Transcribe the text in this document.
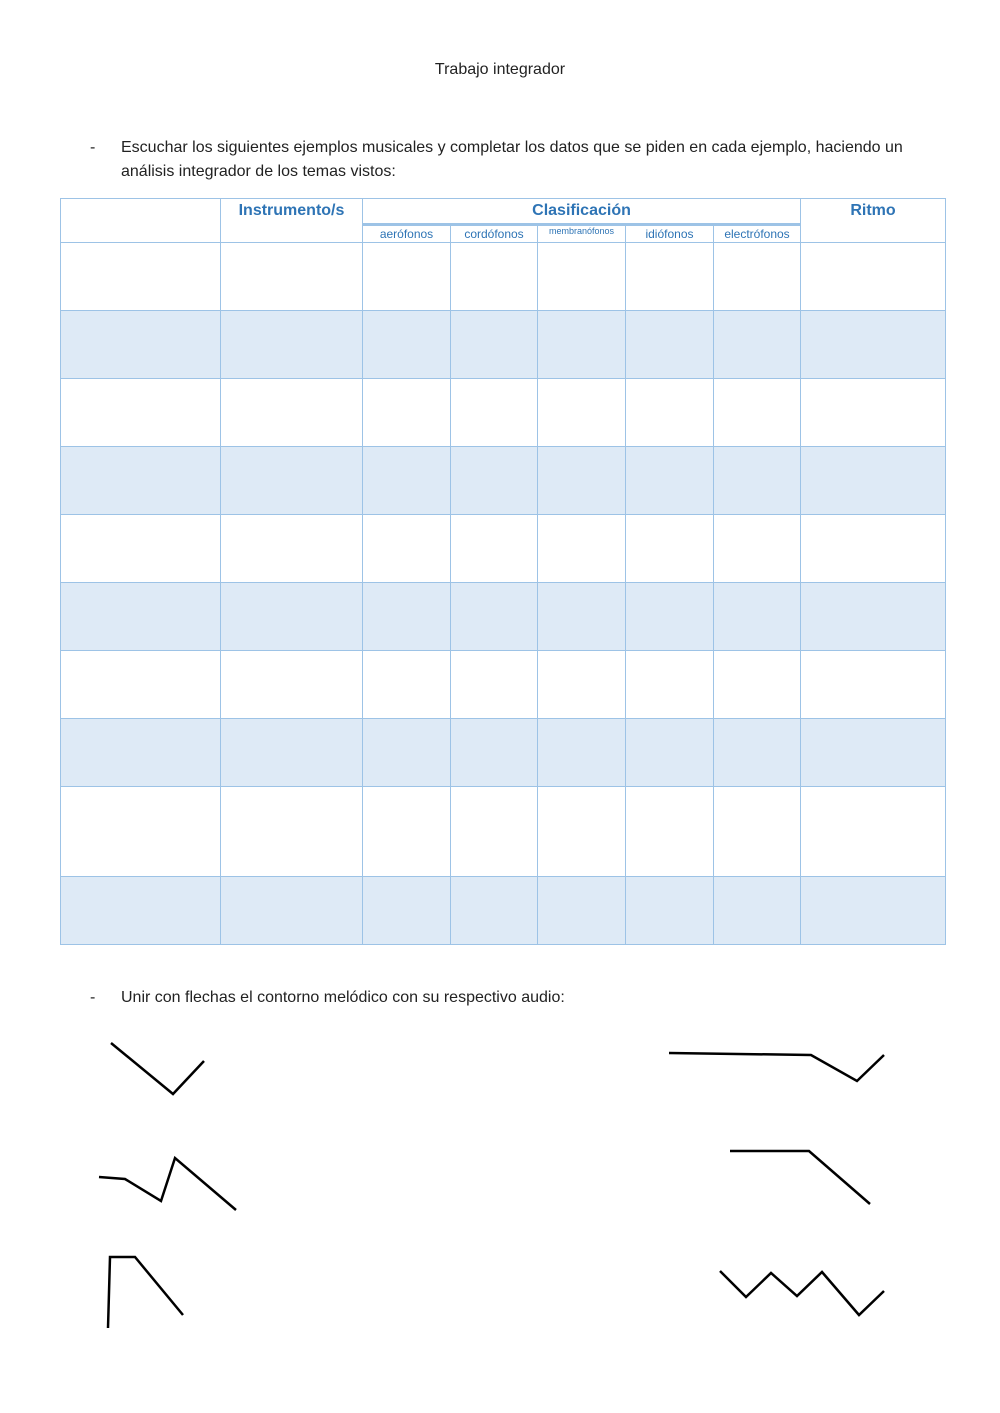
Trabajo integrador
- Escuchar los siguientes ejemplos musicales y completar los datos que se piden en cada ejemplo, haciendo un análisis integrador de los temas vistos:
	Instrumento/s	Clasificación					Ritmo
		aerófonos	cordófonos	membranófonos	idiófonos	electrófonos	

- Unir con flechas el contorno melódico con su respectivo audio:
